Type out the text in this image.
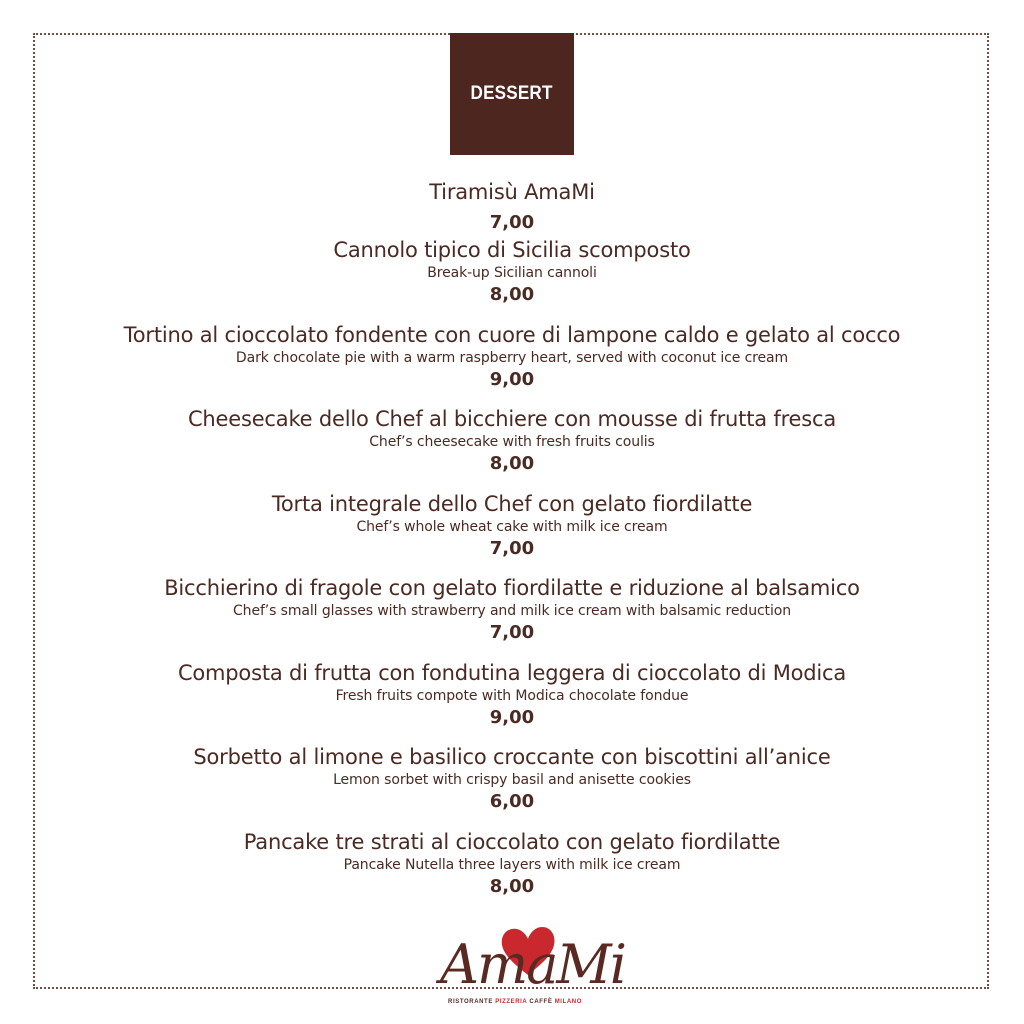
DESSERT
Tiramisù AmaMi
7,00
Cannolo tipico di Sicilia scomposto
Break-up Sicilian cannoli
8,00
Tortino al cioccolato fondente con cuore di lampone caldo e gelato al cocco
Dark chocolate pie with a warm raspberry heart, served with coconut ice cream
9,00
Cheesecake dello Chef al bicchiere con mousse di frutta fresca
Chef’s cheesecake with fresh fruits coulis
8,00
Torta integrale dello Chef con gelato fiordilatte
Chef’s whole wheat cake with milk ice cream
7,00
Bicchierino di fragole con gelato fiordilatte e riduzione al balsamico
Chef’s small glasses with strawberry and milk ice cream with balsamic reduction
7,00
Composta di frutta con fondutina leggera di cioccolato di Modica
Fresh fruits compote with Modica chocolate fondue
9,00
Sorbetto al limone e basilico croccante con biscottini all’anice
Lemon sorbet with crispy basil and anisette cookies
6,00
Pancake tre strati al cioccolato con gelato fiordilatte
Pancake Nutella three layers with milk ice cream
8,00
AmaMi
RISTORANTE PIZZERIA CAFFÈ MILANO
